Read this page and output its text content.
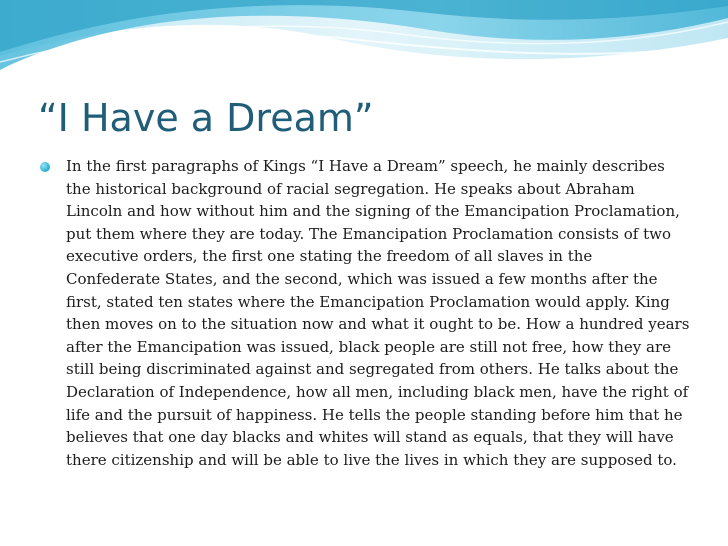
“I Have a Dream”

In the first paragraphs of Kings “I Have a Dream” speech, he mainly describes the historical background of racial segregation. He speaks about Abraham Lincoln and how without him and the signing of the Emancipation Proclamation, put them where they are today. The Emancipation Proclamation consists of two executive orders, the first one stating the freedom of all slaves in the Confederate States, and the second, which was issued a few months after the first, stated ten states where the Emancipation Proclamation would apply. King then moves on to the situation now and what it ought to be. How a hundred years after the Emancipation was issued, black people are still not free, how they are still being discriminated against and segregated from others. He talks about the Declaration of Independence, how all men, including black men, have the right of life and the pursuit of happiness. He tells the people standing before him that he believes that one day blacks and whites will stand as equals, that they will have there citizenship and will be able to live the lives in which they are supposed to.
